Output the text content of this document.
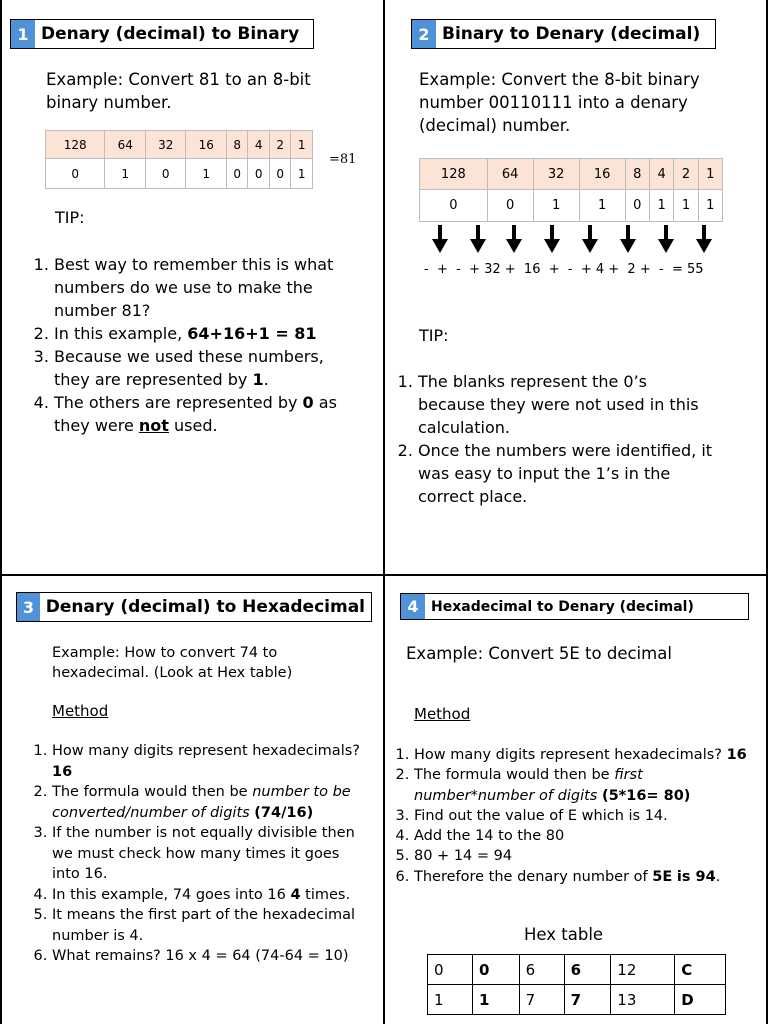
1 Denary (decimal) to Binary
Example: Convert 81 to an 8-bit binary number.
128	64	32	16	8	4	2	1
0	1	0	1	0	0	0	1
=81
TIP:
1. Best way to remember this is what numbers do we use to make the number 81?
2. In this example, 64+16+1 = 81
3. Because we used these numbers, they are represented by 1.
4. The others are represented by 0 as they were not used.
2 Binary to Denary (decimal)
Example: Convert the 8-bit binary number 00110111 into a denary (decimal) number.
128	64	32	16	8	4	2	1
0	0	1	1	0	1	1	1
-  +  -  + 32 +  16  +  -  + 4 +  2 +  -  = 55
TIP:
1. The blanks represent the 0’s because they were not used in this calculation.
2. Once the numbers were identified, it was easy to input the 1’s in the correct place.
3 Denary (decimal) to Hexadecimal
Example: How to convert 74 to hexadecimal. (Look at Hex table)
Method
1. How many digits represent hexadecimals? 16
2. The formula would then be number to be converted/number of digits (74/16)
3. If the number is not equally divisible then we must check how many times it goes into 16.
4. In this example, 74 goes into 16 4 times.
5. It means the first part of the hexadecimal number is 4.
6. What remains? 16 x 4 = 64 (74-64 = 10)
4 Hexadecimal to Denary (decimal)
Example: Convert 5E to decimal
Method
1. How many digits represent hexadecimals? 16
2. The formula would then be first number*number of digits (5*16= 80)
3. Find out the value of E which is 14.
4. Add the 14 to the 80
5. 80 + 14 = 94
6. Therefore the denary number of 5E is 94.
Hex table
0	0	6	6	12	C
1	1	7	7	13	D
